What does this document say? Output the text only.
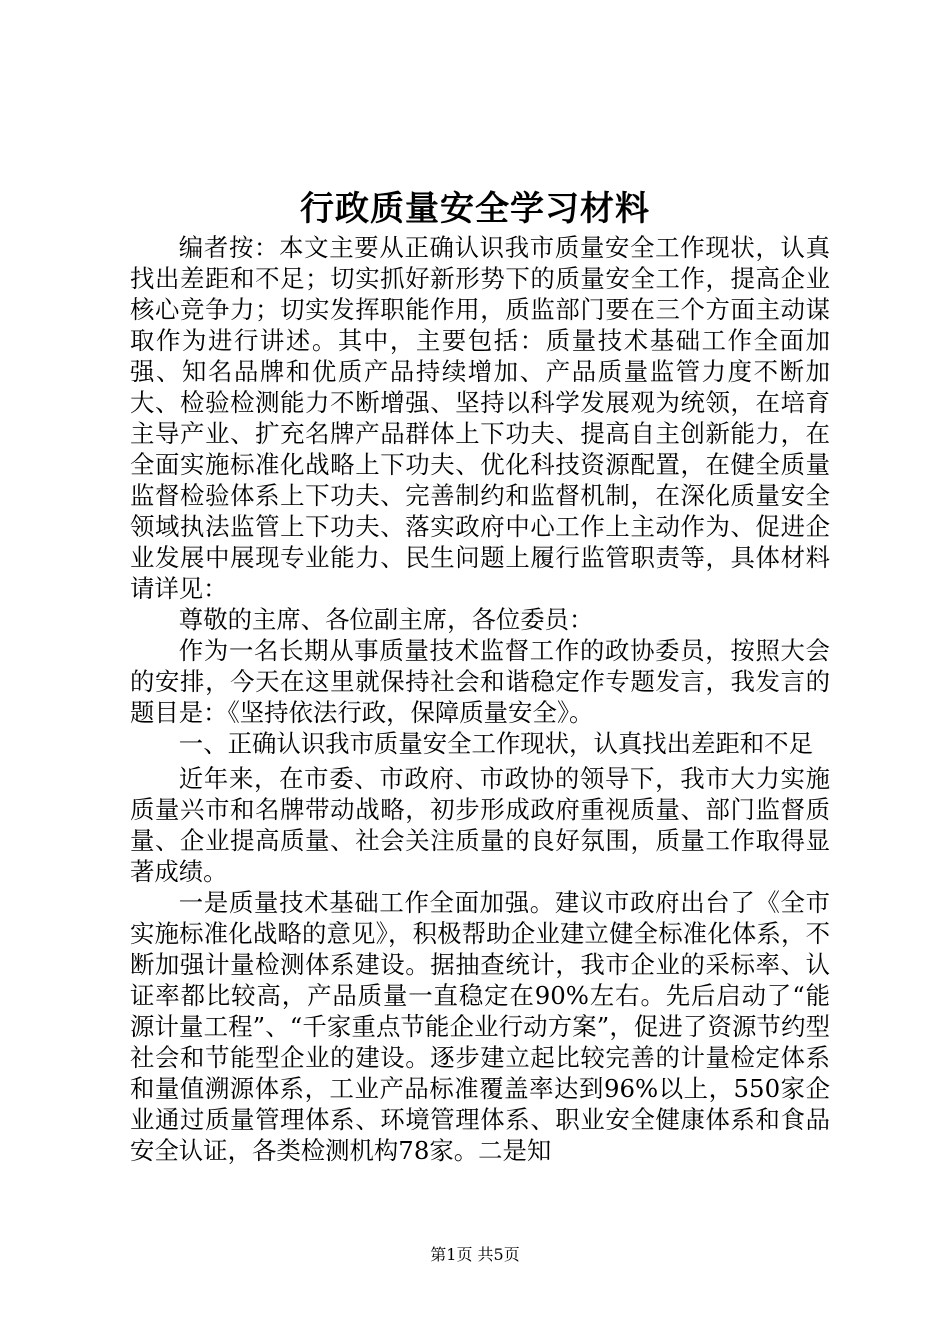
行政质量安全学习材料

编者按：本文主要从正确认识我市质量安全工作现状，认真找出差距和不足；切实抓好新形势下的质量安全工作，提高企业核心竞争力；切实发挥职能作用，质监部门要在三个方面主动谋取作为进行讲述。其中，主要包括：质量技术基础工作全面加强、知名品牌和优质产品持续增加、产品质量监管力度不断加大、检验检测能力不断增强、坚持以科学发展观为统领，在培育主导产业、扩充名牌产品群体上下功夫、提高自主创新能力，在全面实施标准化战略上下功夫、优化科技资源配置，在健全质量监督检验体系上下功夫、完善制约和监督机制，在深化质量安全领域执法监管上下功夫、落实政府中心工作上主动作为、促进企业发展中展现专业能力、民生问题上履行监管职责等，具体材料请详见：

尊敬的主席、各位副主席，各位委员：

作为一名长期从事质量技术监督工作的政协委员，按照大会的安排，今天在这里就保持社会和谐稳定作专题发言，我发言的题目是：《坚持依法行政，保障质量安全》。

一、正确认识我市质量安全工作现状，认真找出差距和不足

近年来，在市委、市政府、市政协的领导下，我市大力实施质量兴市和名牌带动战略，初步形成政府重视质量、部门监督质量、企业提高质量、社会关注质量的良好氛围，质量工作取得显著成绩。

一是质量技术基础工作全面加强。建议市政府出台了《全市实施标准化战略的意见》，积极帮助企业建立健全标准化体系，不断加强计量检测体系建设。据抽查统计，我市企业的采标率、认证率都比较高，产品质量一直稳定在90%左右。先后启动了“能源计量工程”、“千家重点节能企业行动方案”，促进了资源节约型社会和节能型企业的建设。逐步建立起比较完善的计量检定体系和量值溯源体系，工业产品标准覆盖率达到96%以上，550家企业通过质量管理体系、环境管理体系、职业安全健康体系和食品安全认证，各类检测机构78家。二是知

第1页 共5页
